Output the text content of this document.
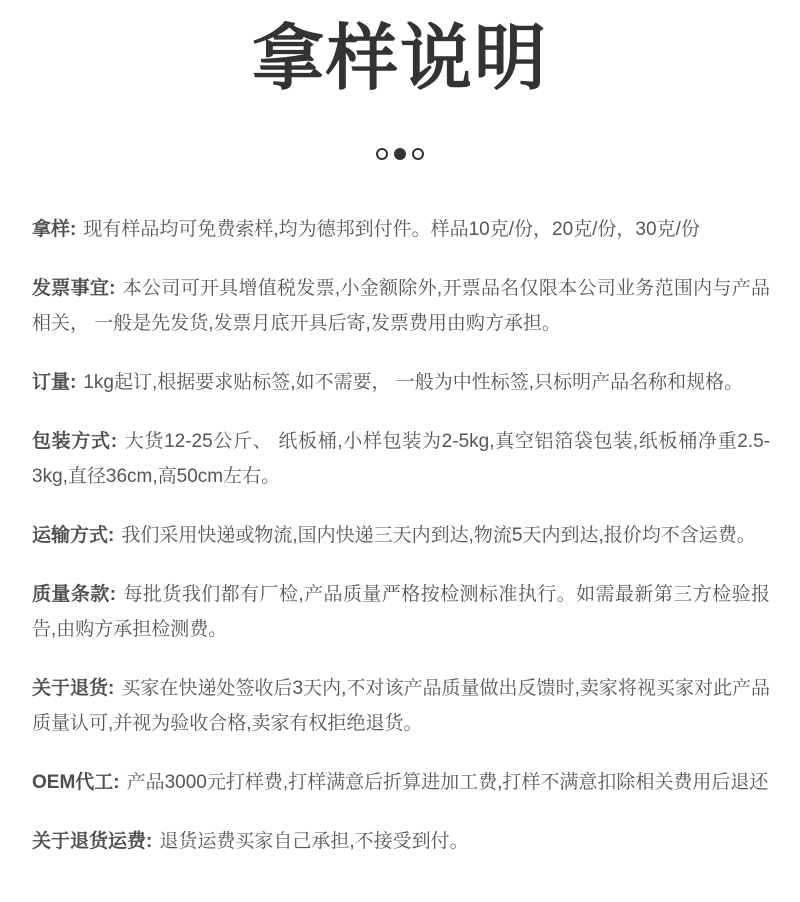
拿样说明

拿样: 现有样品均可免费索样,均为德邦到付件。样品10克/份，20克/份，30克/份

发票事宜: 本公司可开具增值税发票,小金额除外,开票品名仅限本公司业务范围内与产品相关， 一般是先发货,发票月底开具后寄,发票费用由购方承担。

订量: 1kg起订,根据要求贴标签,如不需要， 一般为中性标签,只标明产品名称和规格。

包装方式: 大货12-25公斤、 纸板桶,小样包装为2-5kg,真空铝箔袋包装,纸板桶净重2.5-3kg,直径36cm,高50cm左右。

运输方式: 我们采用快递或物流,国内快递三天内到达,物流5天内到达,报价均不含运费。

质量条款: 每批货我们都有厂检,产品质量严格按检测标准执行。如需最新第三方检验报告,由购方承担检测费。

关于退货: 买家在快递处签收后3天内,不对该产品质量做出反馈时,卖家将视买家对此产品质量认可,并视为验收合格,卖家有权拒绝退货。

OEM代工: 产品3000元打样费,打样满意后折算进加工费,打样不满意扣除相关费用后退还

关于退货运费: 退货运费买家自己承担,不接受到付。
